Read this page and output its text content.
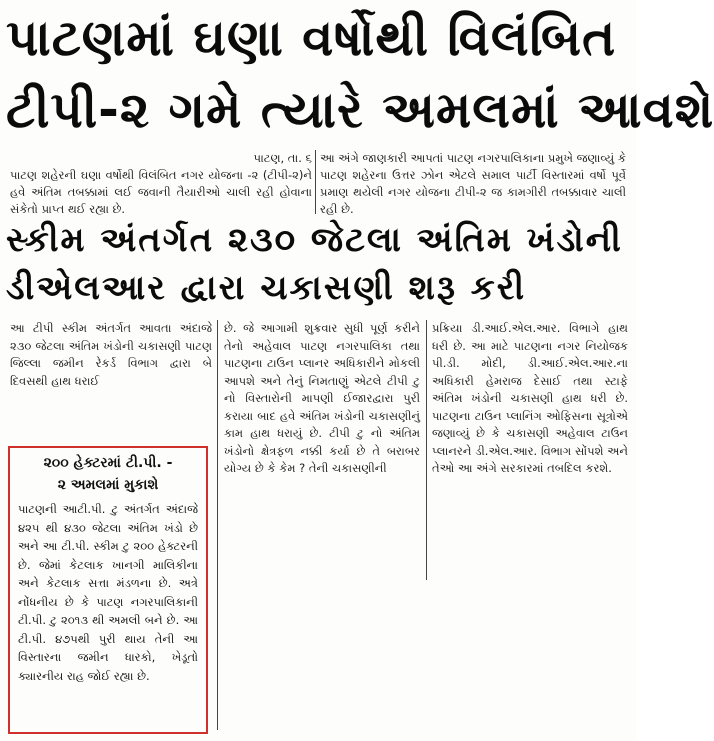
પાટણમાં ઘણા વર્ષોથી વિલંબિત
ટીપી-૨ ગમે ત્યારે અમલમાં આવશે
પાટણ, તા. ૬
પાટણ શહેરની ઘણા વર્ષોથી વિલંબિત નગર યોજના -૨ (ટીપી-૨)ને હવે અંતિમ તબક્કામાં લઈ જવાની તૈયારીઓ ચાલી રહી હોવાના સંકેતો પ્રાપ્ત થઈ રહ્યા છે.
આ અંગે જાણકારી આપતાં પાટણ નગરપાલિકાના પ્રમુખે જણાવ્યું કે પાટણ શહેરના ઉત્તર ઝોન એટલે સમાલ પાર્ટી વિસ્તારમાં વર્ષો પૂર્વે પ્રમાણ થયેલી નગર યોજના ટીપી-૨ જ કામગીરી તબક્કાવાર ચાલી રહી છે.
સ્કીમ અંતર્ગત ૨૩૦ જેટલા અંતિમ ખંડોની
ડીએલઆર દ્વારા ચકાસણી શરૂ કરી
આ ટીપી સ્કીમ અંતર્ગત આવતા અંદાજે ૨૩૦ જેટલા અંતિમ ખંડોની ચકાસણી પાટણ જિલ્લા જમીન રેકર્ડ વિભાગ દ્વારા બે દિવસથી હાથ ધરાઈ
છે. જે આગામી શુક્રવાર સુધી પૂર્ણ કરીને તેનો અહેવાલ પાટણ નગરપાલિકા તથા પાટણના ટાઉન પ્લાનર અધિકારીને મોકલી આપશે અને તેનું નિમતાણું એટલે ટીપી ટુ નો વિસ્તારોની માપણી ઈજારદ્વારા પુરી કરાયા બાદ હવે અંતિમ ખંડોની ચકાસણીનું કામ હાથ ધરાયું છે. ટીપી ટુ નો અંતિમ ખંડોનો ક્ષેત્રફળ નક્કી કર્યા છે તે બરાબર યોગ્ય છે કે કેમ ? તેની ચકાસણીની
પ્રક્રિયા ડી.આઈ.એલ.આર. વિભાગે હાથ ધરી છે. આ માટે પાટણના નગર નિયોજક પી.ડી. મોદી, ડી.આઈ.એલ.આર.ના અધિકારી હેમરાજ દેસાઈ તથા સ્ટાફે અંતિમ ખંડોની ચકાસણી હાથ ધરી છે. પાટણના ટાઉન પ્લાનિંગ ઓફિસના સૂત્રોએ જણાવ્યું છે કે ચકાસણી અહેવાલ ટાઉન પ્લાનરને ડી.એલ.આર. વિભાગ સોંપશે અને તેઓ આ અંગે સરકારમાં તબદિલ કરશે.
૨૦૦ હેક્ટરમાં ટી.પી. -
૨ અમલમાં મુકાશે
પાટણની આટી.પી. ટુ અંતર્ગત અંદાજે ૪૨૫ થી ૪૩૦ જેટલા અંતિમ ખંડો છે અને આ ટી.પી. સ્કીમ ટુ ૨૦૦ હેક્ટરની છે. જેમાં કેટલાક ખાનગી માલિકીના અને કેટલાક સત્તા મંડળના છે. અત્રે નોંધનીય છે કે પાટણ નગરપાલિકાની ટી.પી. ટુ ૨૦૧૩ થી અમલી બને છે. આ ટી.પી. ૪૭પથી પુરી થાય તેની આ વિસ્તારના જમીન ધારકો, ખેડૂતો ક્યારનીય રાહ જોઈ રહ્યા છે.
